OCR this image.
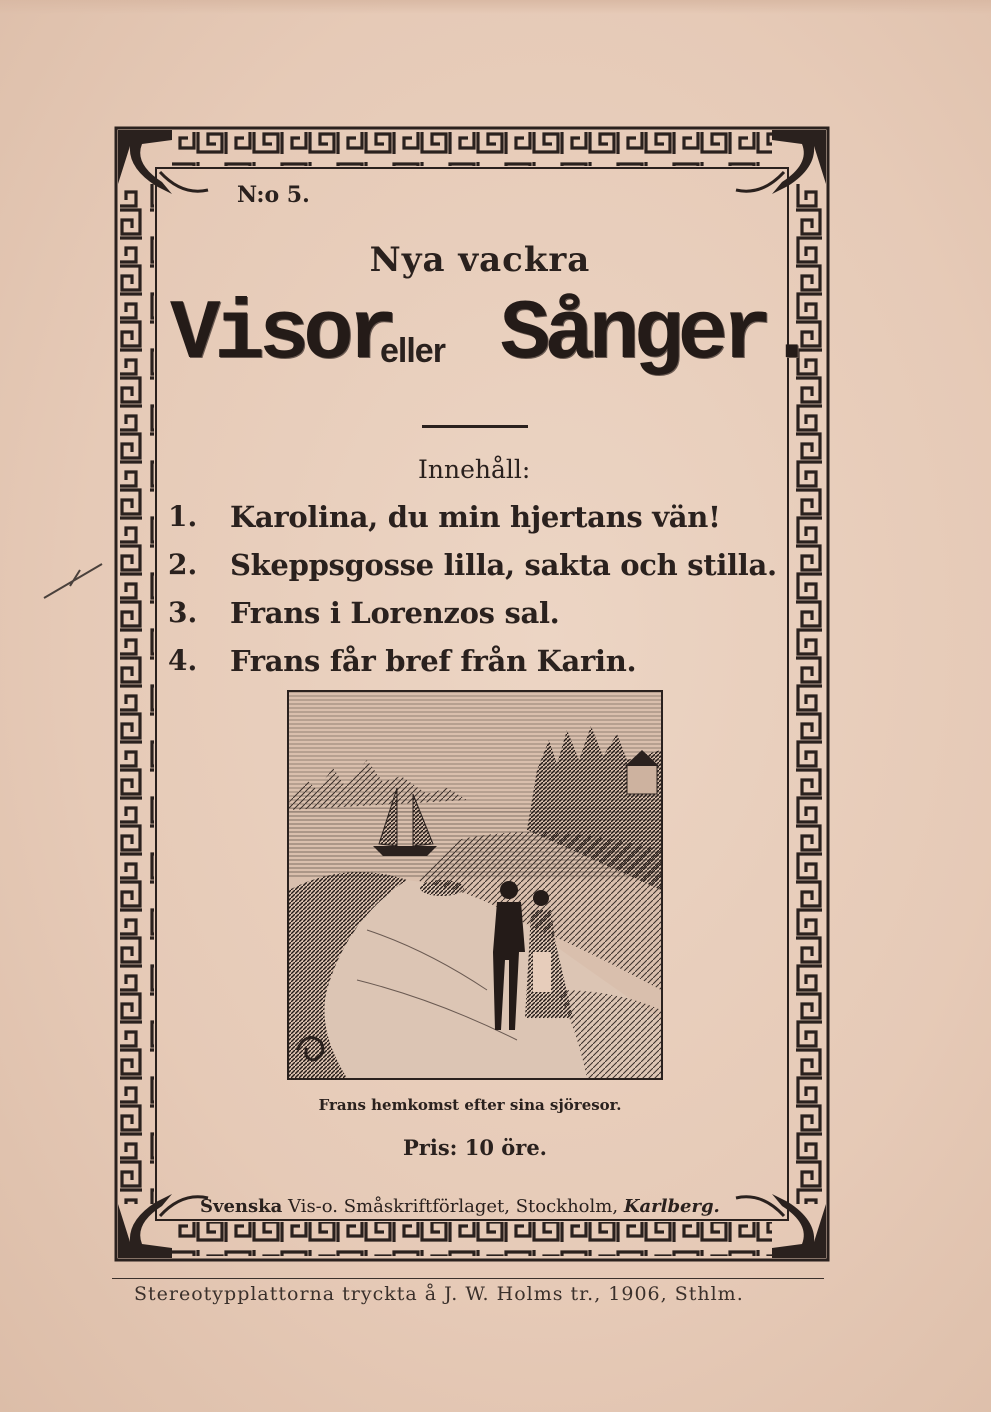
N:o 5.
Nya vackra
Visor
eller Sånger.
Innehåll:
1. Karolina, du min hjertans vän!
2. Skeppsgosse lilla, sakta och stilla.
3. Frans i Lorenzos sal.
4. Frans får bref från Karin.
Frans hemkomst efter sina sjöresor.
Pris: 10 öre.
Svenska Vis-o. Småskriftförlaget, Stockholm, Karlberg.
Stereotypplattorna tryckta å J. W. Holms tr., 1906, Sthlm.
